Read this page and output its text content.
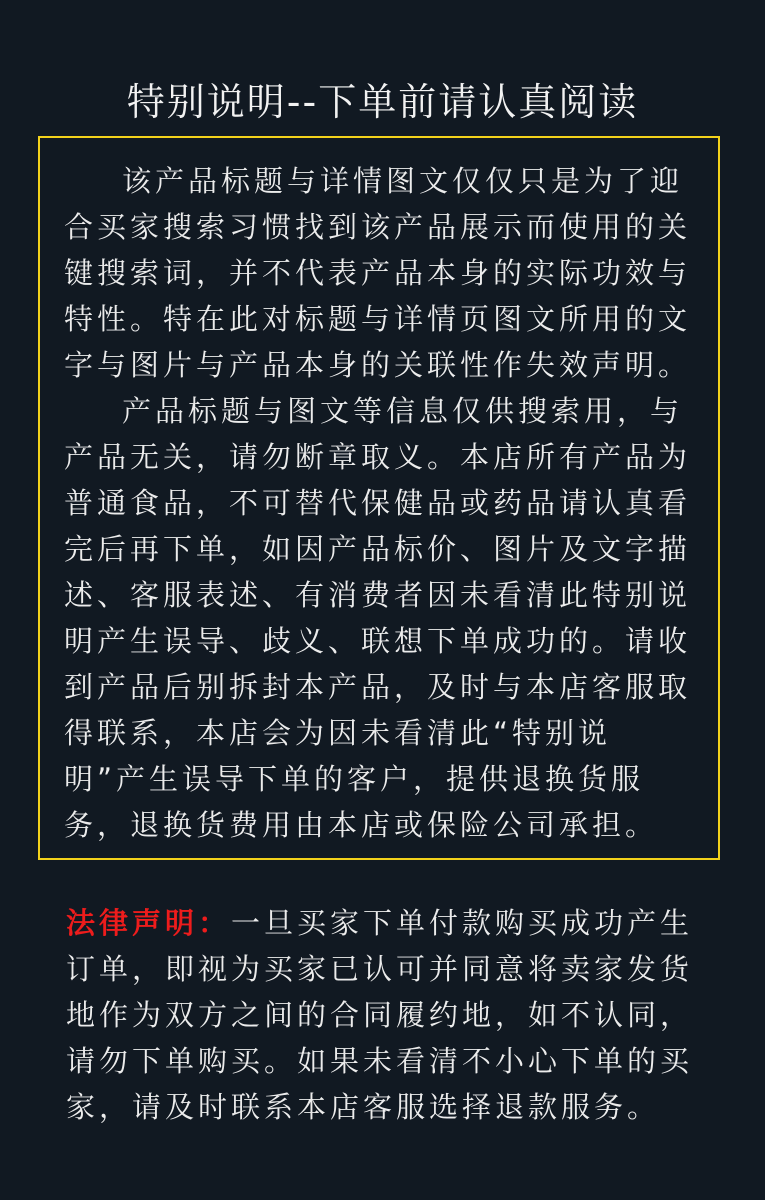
特别说明--下单前请认真阅读

该产品标题与详情图文仅仅只是为了迎合买家搜索习惯找到该产品展示而使用的关键搜索词，并不代表产品本身的实际功效与特性。特在此对标题与详情页图文所用的文字与图片与产品本身的关联性作失效声明。

产品标题与图文等信息仅供搜索用，与产品无关，请勿断章取义。本店所有产品为普通食品，不可替代保健品或药品请认真看完后再下单，如因产品标价、图片及文字描述、客服表述、有消费者因未看清此特别说明产生误导、歧义、联想下单成功的。请收到产品后别拆封本产品，及时与本店客服取得联系，本店会为因未看清此“特别说明”产生误导下单的客户，提供退换货服务，退换货费用由本店或保险公司承担。

法律声明：一旦买家下单付款购买成功产生订单，即视为买家已认可并同意将卖家发货地作为双方之间的合同履约地，如不认同，请勿下单购买。如果未看清不小心下单的买家，请及时联系本店客服选择退款服务。
